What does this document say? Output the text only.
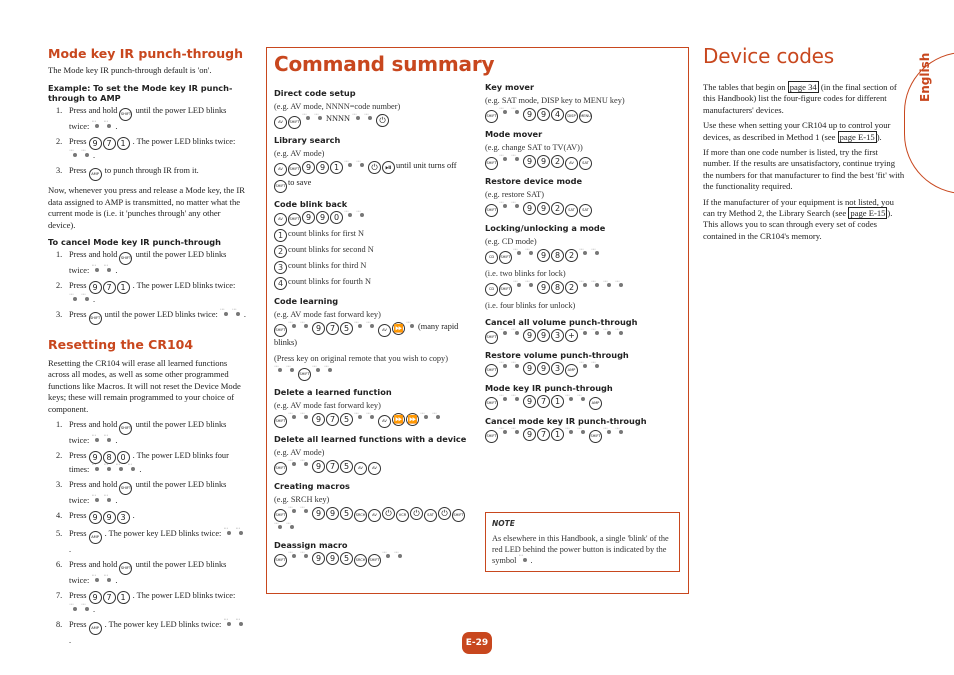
Mode key IR punch-through

The Mode key IR punch-through default is 'on'.

Example: To set the Mode key IR punch-through to AMP

1. Press and hold SHIFT until the power LED blinks twice: · · · · · ·	.
2. Press 9 7 1 . The power LED blinks twice: · · ·· · ·.
3. Press AMP to punch through IR from it.

Now, whenever you press and release a Mode key, the IR data assigned to AMP is transmitted, no matter what the current mode is (i.e. it 'punches through' any other device).

To cancel Mode key IR punch-through

1. Press and hold SHIFT until the power LED blinks twice: · · · · · ·	.
2. Press 9 7 1 . The power LED blinks twice: · · ·· · ·.
3. Press SHIFT until the power LED blinks twice: · · · · · ·	.
Resetting the CR104

Resetting the CR104 will erase all learned functions across all modes, as well as some other programmed functions like Macros. It will not reset the Device Mode keys; these will remain programmed to your choice of component.

1. Press and hold SHIFT until the power LED blinks twice: · · · · · ·	.
2. Press 9 8 0 . The power LED blinks four times: · · · · · · · · · · · ·	.
3. Press and hold SHIFT until the power LED blinks twice: · · · · · ·	.
4. Press 9 9 3 .
5. Press AMP . The power key LED blinks twice: · · ·· · ·.
6. Press and hold SHIFT until the power LED blinks twice: · · · · · ·	.
7. Press 9 7 1 . The power LED blinks twice: · · ·· · ·.
8. Press AMP . The power key LED blinks twice: · · ·· · ·.
Command summary

Direct code setup

(e.g. AV mode, NNNN=code number)

AV SHIFT · · · · · ·	NNNN · · · · · ·	⏻

Library search

(e.g. AV mode)

AV SHIFT 9 9 1 · · · · · ·	⏻ ⏯ until unit turns off

SHIFT to save

Code blink back

AV SHIFT 9 9 0· · ·· · ·

1 count blinks for first N

2 count blinks for second N

3 count blinks for third N

4 count blinks for fourth N

Code learning

(e.g. AV mode fast forward key)

SHIFT · · · · · ·	9 7 5 · · · · · ·	AV ⏩ · · · (many rapid blinks)

(Press key on original remote that you wish to copy)

· · ·· · ·SHIFT· · ·· · ·

Delete a learned function

(e.g. AV mode fast forward key)

SHIFT · · · · · ·	9 7 5 · · · · · ·	AV ⏩ ⏩· · ·· · ·

Delete all learned functions with a device

(e.g. AV mode)

SHIFT · · · · · ·	9 7 5	AV	AV

Creating macros

(e.g. SRCH key)

SHIFT · · · · · ·	9 9 5 SRCH AV ⏻ VCR ⏻ SAT ⏻ SHIFT· · ·· · ·

Deassign macro

SHIFT · · · · · ·	9 9 5 SRCH SHIFT· · ·· · ·

Key mover

(e.g. SAT mode, DISP key to MENU key)

SHIFT · · · · · ·	9 9 4 DISP MENU

Mode mover

(e.g. change SAT to TV(AV))

SHIFT · · · · · ·	9 9 2	AV SAT

Restore device mode

(e.g. restore SAT)

SHIFT · · · · · ·	9 9 2 SAT SAT

Locking/unlocking a mode

(e.g. CD mode)

CD SHIFT · · · · · ·	9 8 2· · ·· · ·

(i.e. two blinks for lock)

CD SHIFT · · · · · ·	9 8 2· · ·· · ·· · ·· · ·

(i.e. four blinks for unlock)

Cancel all volume punch-through

SHIFT · · · · · ·	9 9 3 +· · ·· · ·· · ·· · ·

Restore volume punch-through

SHIFT · · · · · ·	9 9 3 AMP· · ·· · ·

Mode key IR punch-through

SHIFT · · · · · ·	9 7 1 · · · · · ·	AMP

Cancel mode key IR punch-through

SHIFT · · · · · ·	9 7 1 · · · · · ·	SHIFT· · ·· · ·

NOTE

As elsewhere in this Handbook, a single 'blink' of the red LED behind the power button is indicated by the symbol · · · .

Device codes

The tables that begin on page 34 (in the final section of this Handbook) list the four-figure codes for different manufacturers' devices.

Use these when setting your CR104 up to control your devices, as described in Method 1 (see page E-15 ).

If more than one code number is listed, try the first number. If the results are unsatisfactory, continue trying the numbers for that manufacturer to find the best 'fit' with the functionality required.

If the manufacturer of your equipment is not listed, you can try Method 2, the Library Search (see page E-15 ). This allows you to scan through every set of codes contained in the CR104's memory.

English
E-29
